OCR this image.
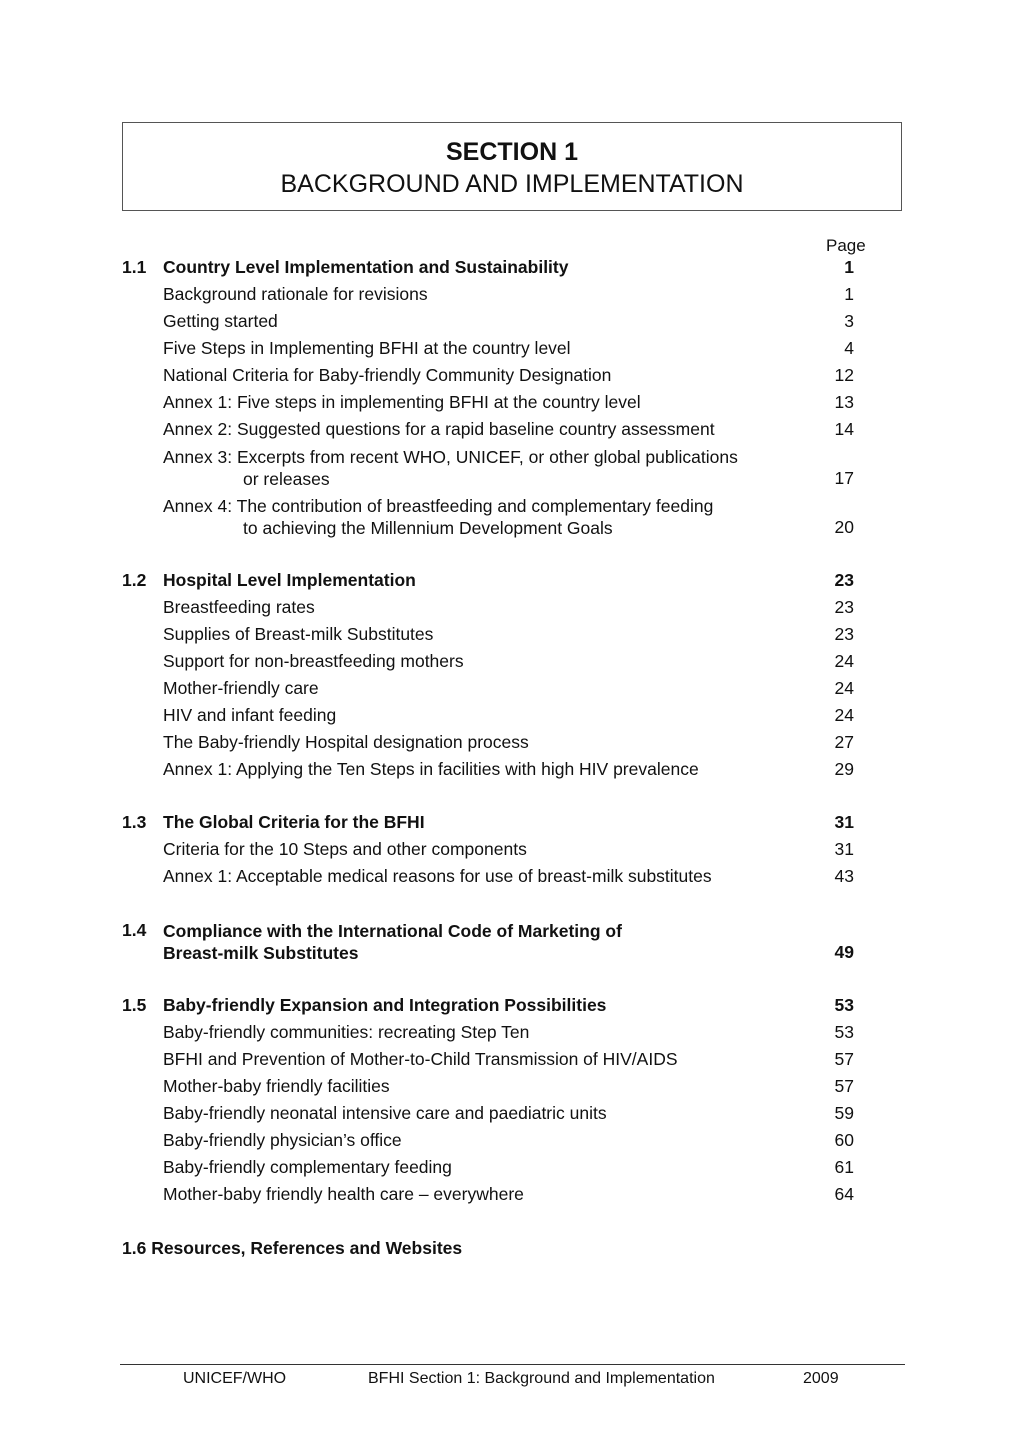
SECTION 1
BACKGROUND AND IMPLEMENTATION
Page
1.1 Country Level Implementation and Sustainability	1
Background rationale for revisions	1
Getting started	3
Five Steps in Implementing BFHI at the country level	4
National Criteria for Baby-friendly Community Designation	12
Annex 1: Five steps in implementing BFHI at the country level	13
Annex 2: Suggested questions for a rapid baseline country assessment	14
Annex 3: Excerpts from recent WHO, UNICEF, or other global publications
or releases	17
Annex 4: The contribution of breastfeeding and complementary feeding
to achieving the Millennium Development Goals	20
1.2 Hospital Level Implementation	23
Breastfeeding rates	23
Supplies of Breast-milk Substitutes	23
Support for non-breastfeeding mothers	24
Mother-friendly care	24
HIV and infant feeding	24
The Baby-friendly Hospital designation process	27
Annex 1: Applying the Ten Steps in facilities with high HIV prevalence	29
1.3 The Global Criteria for the BFHI	31
Criteria for the 10 Steps and other components	31
Annex 1: Acceptable medical reasons for use of breast-milk substitutes	43
1.4 Compliance with the International Code of Marketing of
Breast-milk Substitutes	49
1.5 Baby-friendly Expansion and Integration Possibilities	53
Baby-friendly communities: recreating Step Ten	53
BFHI and Prevention of Mother-to-Child Transmission of HIV/AIDS	57
Mother-baby friendly facilities	57
Baby-friendly neonatal intensive care and paediatric units	59
Baby-friendly physician’s office	60
Baby-friendly complementary feeding	61
Mother-baby friendly health care – everywhere	64
1.6 Resources, References and Websites
UNICEF/WHO	BFHI Section 1: Background and Implementation	2009
